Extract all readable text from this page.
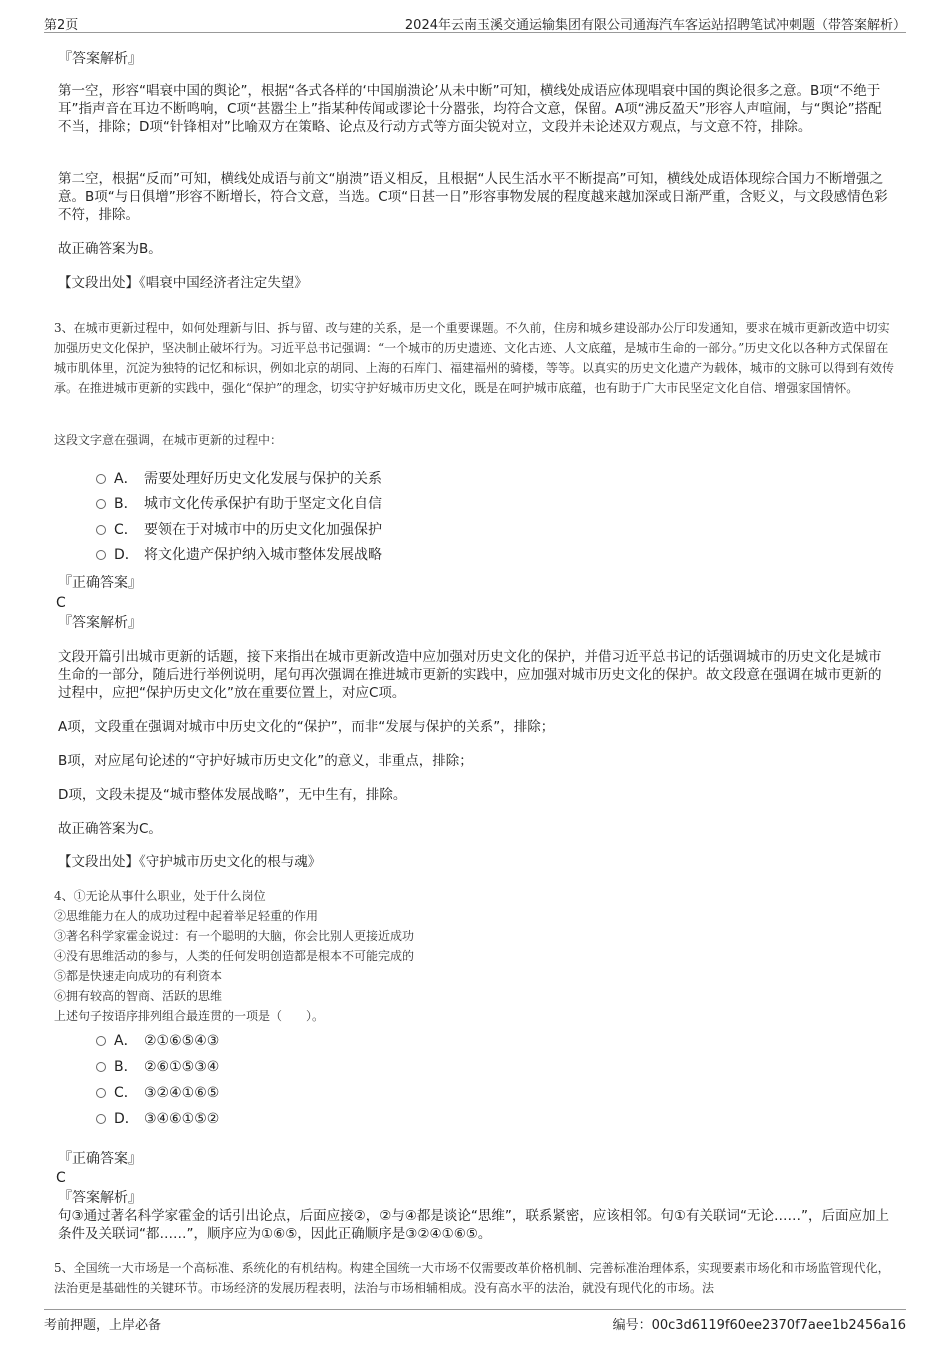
第2页	2024年云南玉溪交通运输集团有限公司通海汽车客运站招聘笔试冲刺题（带答案解析）
『答案解析』
第一空，形容“唱衰中国的舆论”，根据“各式各样的‘中国崩溃论’从未中断”可知，横线处成语应体现唱衰中国的舆论很多之意。B项“不绝于耳”指声音在耳边不断鸣响，C项“甚嚣尘上”指某种传闻或谬论十分嚣张，均符合文意，保留。A项“沸反盈天”形容人声喧闹，与“舆论”搭配不当，排除；D项“针锋相对”比喻双方在策略、论点及行动方式等方面尖锐对立，文段并未论述双方观点，与文意不符，排除。
第二空，根据“反而”可知，横线处成语与前文“崩溃”语义相反，且根据“人民生活水平不断提高”可知，横线处成语体现综合国力不断增强之意。B项“与日俱增”形容不断增长，符合文意，当选。C项“日甚一日”形容事物发展的程度越来越加深或日渐严重，含贬义，与文段感情色彩不符，排除。
故正确答案为B。
【文段出处】《唱衰中国经济者注定失望》
3、在城市更新过程中，如何处理新与旧、拆与留、改与建的关系，是一个重要课题。不久前，住房和城乡建设部办公厅印发通知，要求在城市更新改造中切实加强历史文化保护，坚决制止破坏行为。习近平总书记强调：“一个城市的历史遗迹、文化古迹、人文底蕴，是城市生命的一部分。”历史文化以各种方式保留在城市肌体里，沉淀为独特的记忆和标识，例如北京的胡同、上海的石库门、福建福州的骑楼，等等。以真实的历史文化遗产为载体，城市的文脉可以得到有效传承。在推进城市更新的实践中，强化“保护”的理念，切实守护好城市历史文化，既是在呵护城市底蕴，也有助于广大市民坚定文化自信、增强家国情怀。
这段文字意在强调，在城市更新的过程中：
A． 需要处理好历史文化发展与保护的关系
B． 城市文化传承保护有助于坚定文化自信
C． 要领在于对城市中的历史文化加强保护
D． 将文化遗产保护纳入城市整体发展战略
『正确答案』
C
『答案解析』
文段开篇引出城市更新的话题，接下来指出在城市更新改造中应加强对历史文化的保护，并借习近平总书记的话强调城市的历史文化是城市生命的一部分，随后进行举例说明，尾句再次强调在推进城市更新的实践中，应加强对城市历史文化的保护。故文段意在强调在城市更新的过程中，应把“保护历史文化”放在重要位置上，对应C项。
A项，文段重在强调对城市中历史文化的“保护”，而非“发展与保护的关系”，排除；
B项，对应尾句论述的“守护好城市历史文化”的意义，非重点，排除；
D项，文段未提及“城市整体发展战略”，无中生有，排除。
故正确答案为C。
【文段出处】《守护城市历史文化的根与魂》
4、①无论从事什么职业，处于什么岗位
②思维能力在人的成功过程中起着举足轻重的作用
③著名科学家霍金说过：有一个聪明的大脑，你会比别人更接近成功
④没有思维活动的参与，人类的任何发明创造都是根本不可能完成的
⑤都是快速走向成功的有利资本
⑥拥有较高的智商、活跃的思维
上述句子按语序排列组合最连贯的一项是（　　）。
A． ②①⑥⑤④③
B． ②⑥①⑤③④
C． ③②④①⑥⑤
D． ③④⑥①⑤②
『正确答案』
C
『答案解析』
句③通过著名科学家霍金的话引出论点，后面应接②，②与④都是谈论“思维”，联系紧密，应该相邻。句①有关联词“无论……”，后面应加上条件及关联词“都……”，顺序应为①⑥⑤，因此正确顺序是③②④①⑥⑤。
5、全国统一大市场是一个高标准、系统化的有机结构。构建全国统一大市场不仅需要改革价格机制、完善标准治理体系，实现要素市场化和市场监管现代化，法治更是基础性的关键环节。市场经济的发展历程表明，法治与市场相辅相成。没有高水平的法治，就没有现代化的市场。法
考前押题，上岸必备	编号：00c3d6119f60ee2370f7aee1b2456a16
